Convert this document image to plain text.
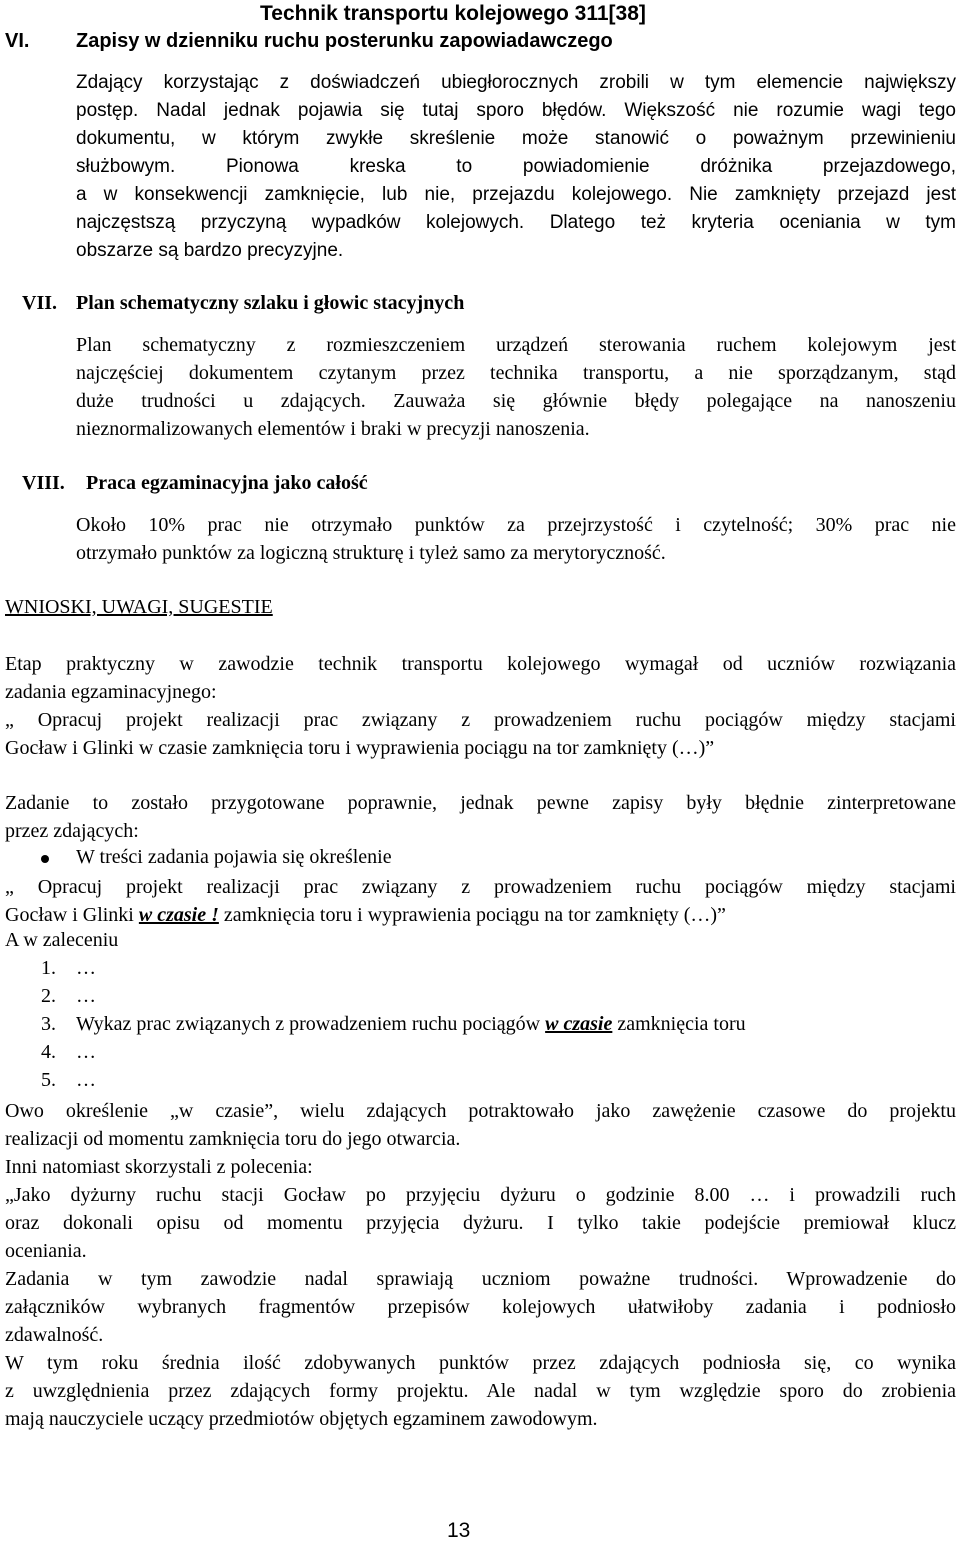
Technik transportu kolejowego 311[38]
VI. Zapisy w dzienniku ruchu posterunku zapowiadawczego
Zdający korzystając z doświadczeń ubiegłorocznych zrobili w tym elemencie największy
postęp. Nadal jednak pojawia się tutaj sporo błędów. Większość nie rozumie wagi tego
dokumentu, w którym zwykłe skreślenie może stanowić o poważnym przewinieniu
służbowym. Pionowa kreska to powiadomienie dróżnika przejazdowego,
a w konsekwencji zamknięcie, lub nie, przejazdu kolejowego. Nie zamknięty przejazd jest
najczęstszą przyczyną wypadków kolejowych. Dlatego też kryteria oceniania w tym
obszarze są bardzo precyzyjne.
VII. Plan schematyczny szlaku i głowic stacyjnych
Plan schematyczny z rozmieszczeniem urządzeń sterowania ruchem kolejowym jest
najczęściej dokumentem czytanym przez technika transportu, a nie sporządzanym, stąd
duże trudności u zdających. Zauważa się głównie błędy polegające na nanoszeniu
nieznormalizowanych elementów i braki w precyzji nanoszenia.
VIII. Praca egzaminacyjna jako całość
Około 10% prac nie otrzymało punktów za przejrzystość i czytelność; 30% prac nie
otrzymało punktów za logiczną strukturę i tyleż samo za merytoryczność.
WNIOSKI, UWAGI, SUGESTIE
Etap praktyczny w zawodzie technik transportu kolejowego wymagał od uczniów rozwiązania
zadania egzaminacyjnego:
„ Opracuj projekt realizacji prac związany z prowadzeniem ruchu pociągów między stacjami
Gocław i Glinki w czasie zamknięcia toru i wyprawienia pociągu na tor zamknięty (…)”
Zadanie to zostało przygotowane poprawnie, jednak pewne zapisy były błędnie zinterpretowane
przez zdających:
W treści zadania pojawia się określenie
„ Opracuj projekt realizacji prac związany z prowadzeniem ruchu pociągów między stacjami
Gocław i Glinki w czasie ! zamknięcia toru i wyprawienia pociągu na tor zamknięty (…)”
A w zaleceniu
1. …
2. …
3. Wykaz prac związanych z prowadzeniem ruchu pociągów w czasie zamknięcia toru
4. …
5. …
Owo określenie „w czasie”, wielu zdających potraktowało jako zawężenie czasowe do projektu
realizacji od momentu zamknięcia toru do jego otwarcia.
Inni natomiast skorzystali z polecenia:
„Jako dyżurny ruchu stacji Gocław po przyjęciu dyżuru o godzinie 8.00 … i prowadzili ruch
oraz dokonali opisu od momentu przyjęcia dyżuru. I tylko takie podejście premiował klucz
oceniania.
Zadania w tym zawodzie nadal sprawiają uczniom poważne trudności. Wprowadzenie do
załączników wybranych fragmentów przepisów kolejowych ułatwiłoby zadania i podniosło
zdawalność.
W tym roku średnia ilość zdobywanych punktów przez zdających podniosła się, co wynika
z uwzględnienia przez zdających formy projektu. Ale nadal w tym względzie sporo do zrobienia
mają nauczyciele uczący przedmiotów objętych egzaminem zawodowym.
13
